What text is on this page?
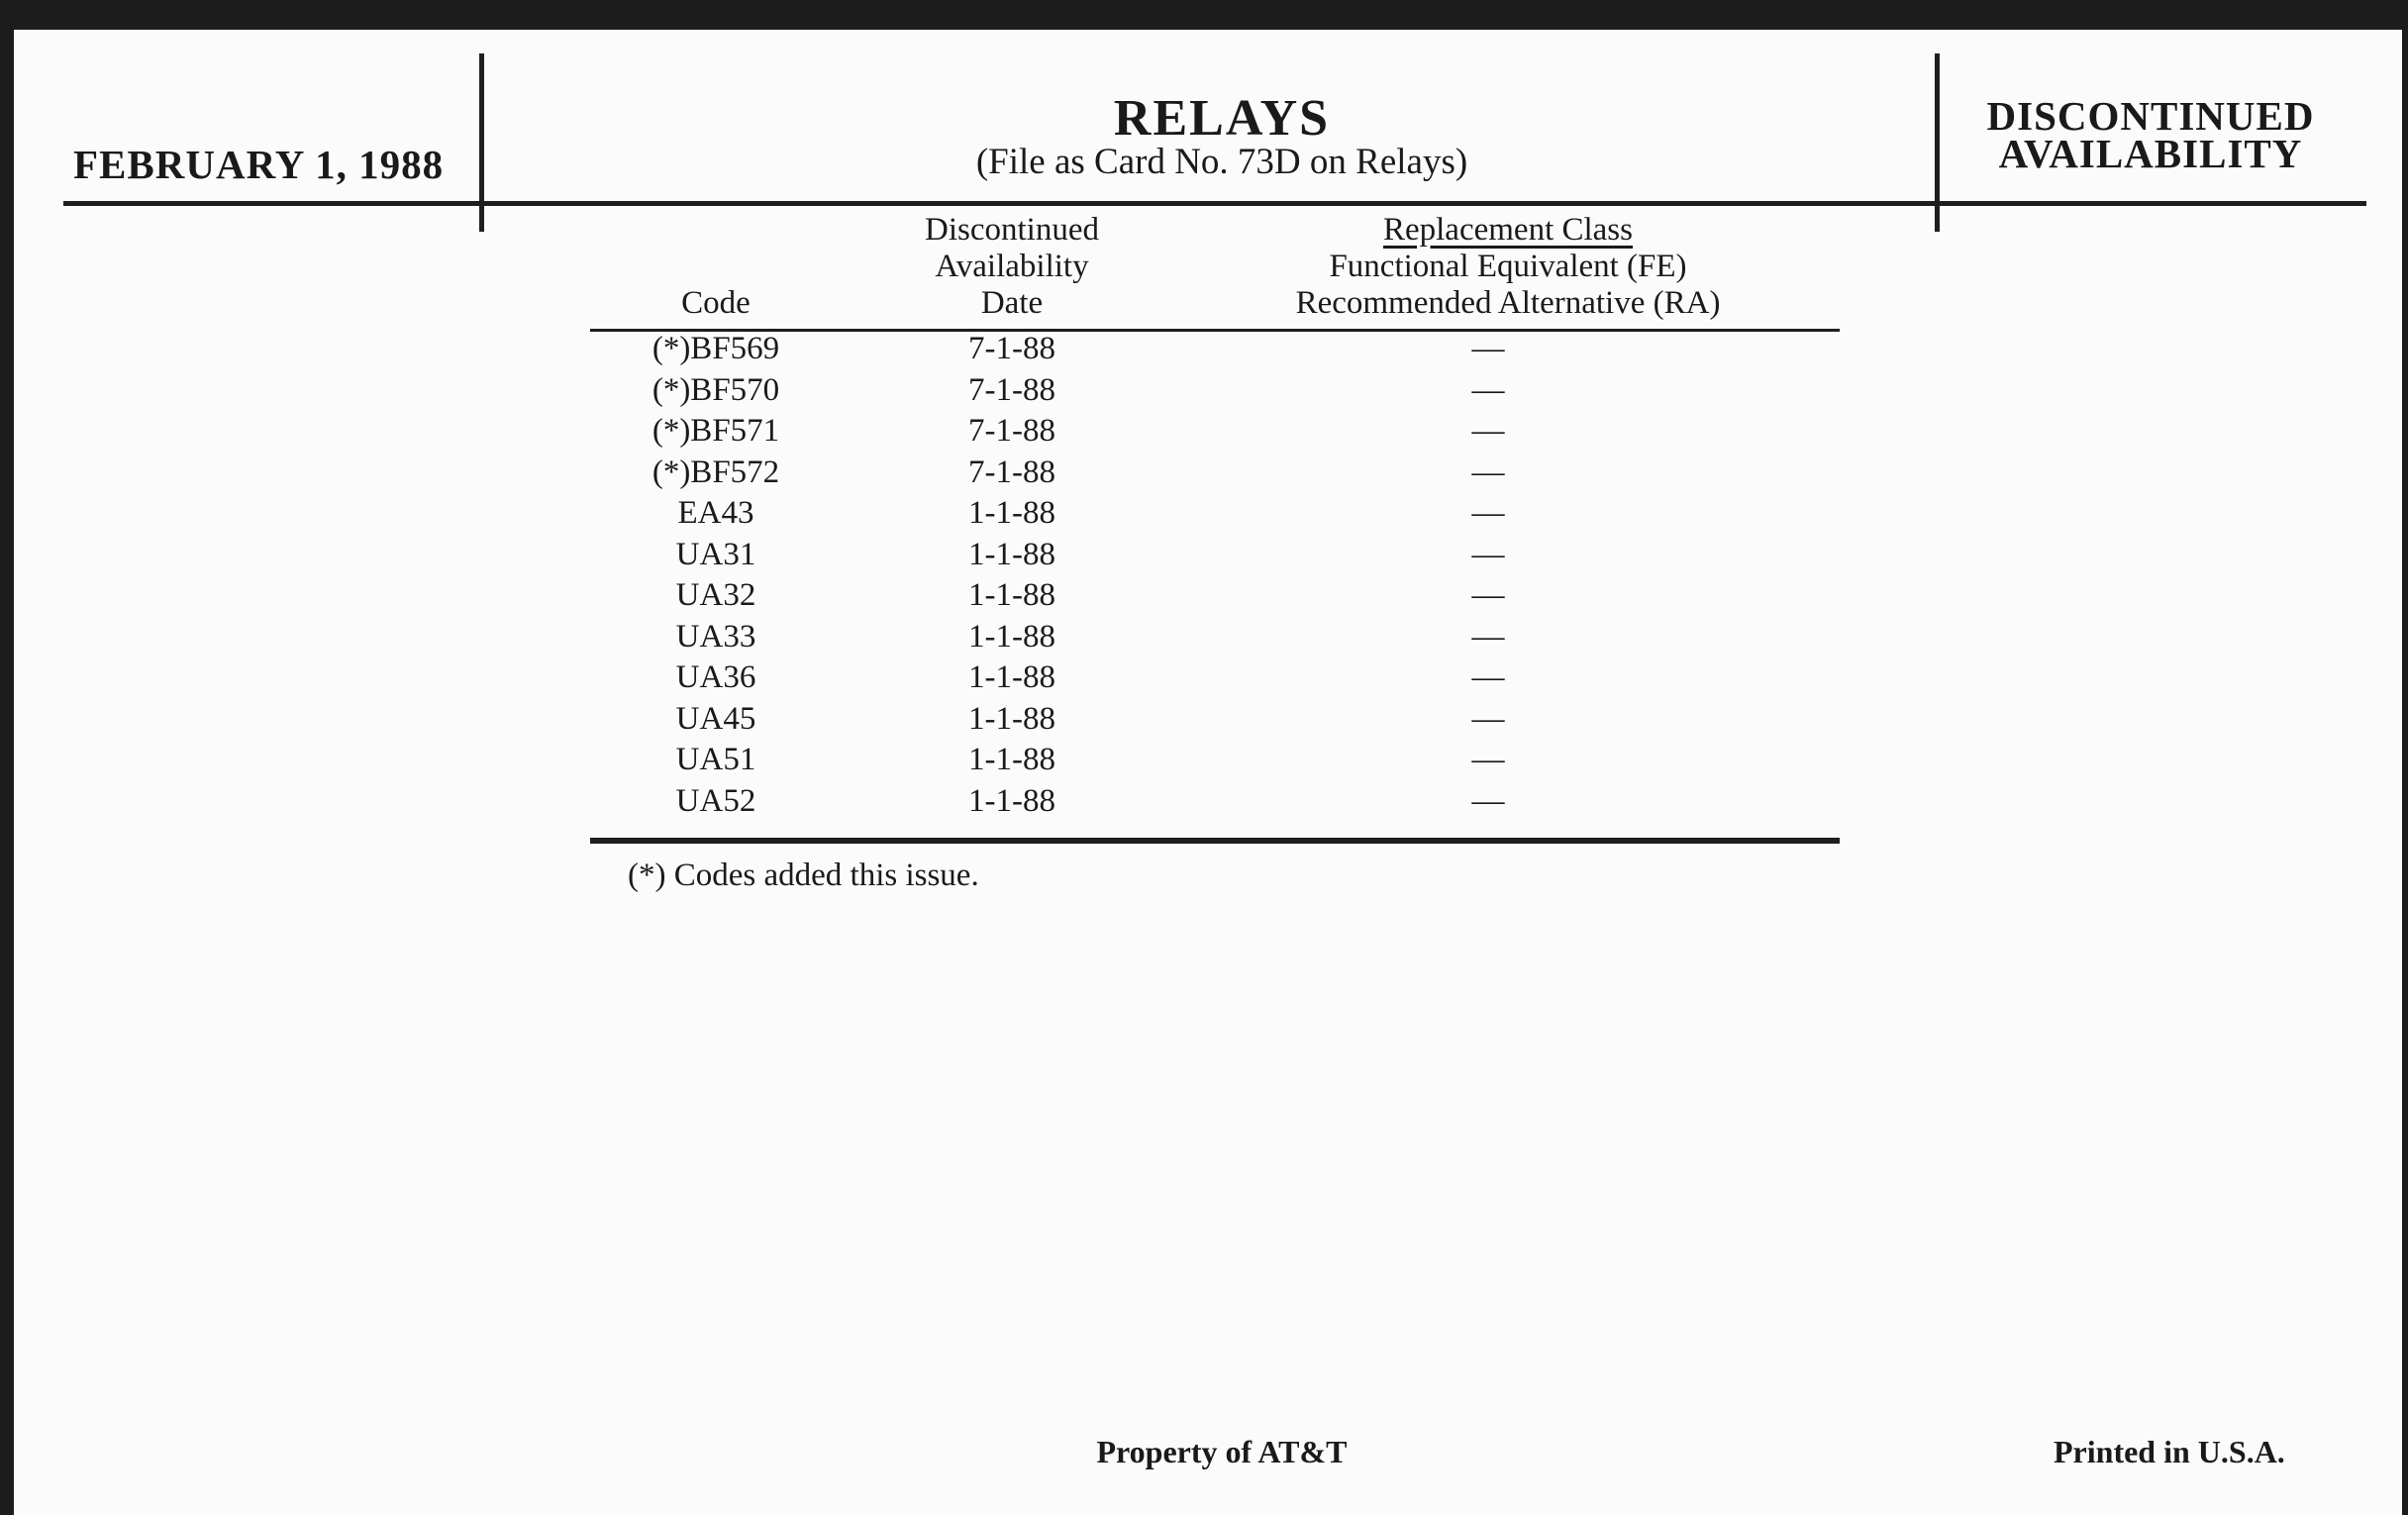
FEBRUARY 1, 1988
RELAYS
(File as Card No. 73D on Relays)
DISCONTINUED
AVAILABILITY
Code
Discontinued
Availability
Date
Replacement Class
Functional Equivalent (FE)
Recommended Alternative (RA)
(*)BF569	7-1-88	—
(*)BF570	7-1-88	—
(*)BF571	7-1-88	—
(*)BF572	7-1-88	—
EA43	1-1-88	—
UA31	1-1-88	—
UA32	1-1-88	—
UA33	1-1-88	—
UA36	1-1-88	—
UA45	1-1-88	—
UA51	1-1-88	—
UA52	1-1-88	—
(*) Codes added this issue.
Property of AT&T	Printed in U.S.A.
